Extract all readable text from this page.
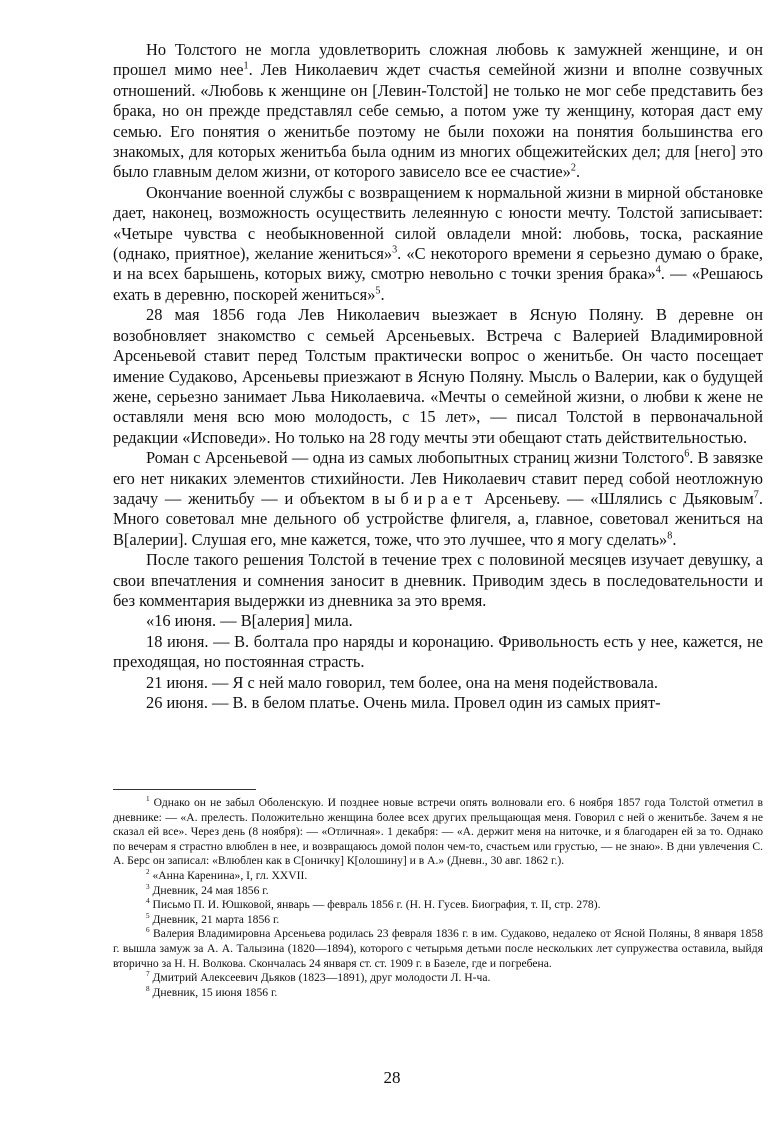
Но Толстого не могла удовлетворить сложная любовь к замужней женщине, и он прошел мимо нее$^1$. Лев Николаевич ждет счастья семейной жизни и вполне созвучных отношений. «Любовь к женщине он [Левин-Толстой] не только не мог себе представить без брака, но он прежде представлял себе семью, а потом уже ту женщину, которая даст ему семью. Его понятия о женитьбе поэтому не были похожи на понятия большинства его знакомых, для которых женитьба была одним из многих общежитейских дел; для [него] это было главным делом жизни, от которого зависело все ее счастие»$^2$.

Окончание военной службы с возвращением к нормальной жизни в мирной обстановке дает, наконец, возможность осуществить лелеянную с юности мечту. Толстой записывает: «Четыре чувства с необыкновенной силой овладели мной: любовь, тоска, раскаяние (однако, приятное), желание жениться»$^3$. «С некоторого времени я серьезно думаю о браке, и на всех барышень, которых вижу, смотрю невольно с точки зрения брака»$^4$. — «Решаюсь ехать в деревню, поскорей жениться»$^5$.

28 мая 1856 года Лев Николаевич выезжает в Ясную Поляну. В деревне он возобновляет знакомство с семьей Арсеньевых. Встреча с Валерией Владимировной Арсеньевой ставит перед Толстым практически вопрос о женитьбе. Он часто посещает имение Судаково, Арсеньевы приезжают в Ясную Поляну. Мысль о Валерии, как о будущей жене, серьезно занимает Льва Николаевича. «Мечты о семейной жизни, о любви к жене не оставляли меня всю мою молодость, с 15 лет», — писал Толстой в первоначальной редакции «Исповеди». Но только на 28 году мечты эти обещают стать действительностью.

Роман с Арсеньевой — одна из самых любопытных страниц жизни Толстого$^6$. В завязке его нет никаких элементов стихийности. Лев Николаевич ставит перед собой неотложную задачу — женитьбу — и объектом выбирает Арсеньеву. — «Шлялись с Дьяковым$^7$. Много советовал мне дельного об устройстве флигеля, а, главное, советовал жениться на В[алерии]. Слушая его, мне кажется, тоже, что это лучшее, что я могу сделать»$^8$.

После такого решения Толстой в течение трех с половиной месяцев изучает девушку, а свои впечатления и сомнения заносит в дневник. Приводим здесь в последовательности и без комментария выдержки из дневника за это время.

«16 июня. — В[алерия] мила.

18 июня. — В. болтала про наряды и коронацию. Фривольность есть у нее, кажется, не преходящая, но постоянная страсть.

21 июня. — Я с ней мало говорил, тем более, она на меня подействовала.

26 июня. — В. в белом платье. Очень мила. Провел один из самых прият-

$^1$ Однако он не забыл Оболенскую. И позднее новые встречи опять волновали его. 6 ноября 1857 года Толстой отметил в дневнике: — «А. прелесть. Положительно женщина более всех других прельщающая меня. Говорил с ней о женитьбе. Зачем я не сказал ей все». Через день (8 ноября): — «Отличная». 1 декабря: — «А. держит меня на ниточке, и я благодарен ей за то. Однако по вечерам я страстно влюблен в нее, и возвращаюсь домой полон чем-то, счастьем или грустью, — не знаю». В дни увлечения С. А. Берс он записал: «Влюблен как в С[оничку] К[олошину] и в А.» (Дневн., 30 авг. 1862 г.).

$^2$ «Анна Каренина», I, гл. XXVII.

$^3$ Дневник, 24 мая 1856 г.

$^4$ Письмо П. И. Юшковой, январь — февраль 1856 г. (Н. Н. Гусев. Биография, т. II, стр. 278).

$^5$ Дневник, 21 марта 1856 г.

$^6$ Валерия Владимировна Арсеньева родилась 23 февраля 1836 г. в им. Судаково, недалеко от Ясной Поляны, 8 января 1858 г. вышла замуж за А. А. Талызина (1820—1894), которого с четырьмя детьми после нескольких лет супружества оставила, выйдя вторично за Н. Н. Волкова. Скончалась 24 января ст. ст. 1909 г. в Базеле, где и погребена.

$^7$ Дмитрий Алексеевич Дьяков (1823—1891), друг молодости Л. Н-ча.

$^8$ Дневник, 15 июня 1856 г.

28
